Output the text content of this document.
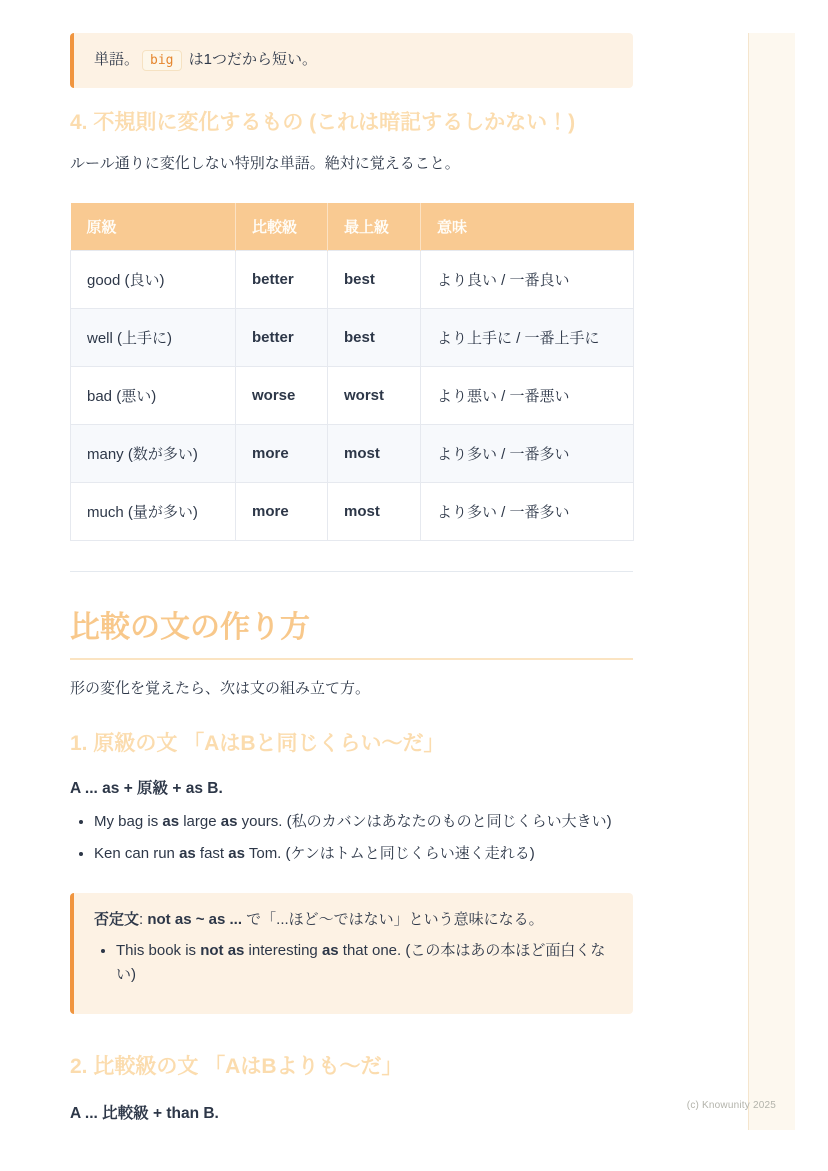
単語。 big は1つだから短い。

4. 不規則に変化するもの (これは暗記するしかない！)

ルール通りに変化しない特別な単語。絶対に覚えること。

原級	比較級	最上級	意味
good (良い)	better	best	より良い / 一番良い
well (上手に)	better	best	より上手に / 一番上手に
bad (悪い)	worse	worst	より悪い / 一番悪い
many (数が多い)	more	most	より多い / 一番多い
much (量が多い)	more	most	より多い / 一番多い
比較の文の作り方

形の変化を覚えたら、次は文の組み立て方。

1. 原級の文 「AはBと同じくらい〜だ」

A ... as + 原級 + as B.

• My bag is as large as yours. (私のカバンはあなたのものと同じくらい大きい)
• Ken can run as fast as Tom. (ケンはトムと同じくらい速く走れる)

否定文: not as ~ as ... で「...ほど〜ではない」という意味になる。

• This book is not as interesting as that one. (この本はあの本ほど面白くない)
2. 比較級の文 「AはBよりも〜だ」

A ... 比較級 + than B.	(c) Knowunity 2025
